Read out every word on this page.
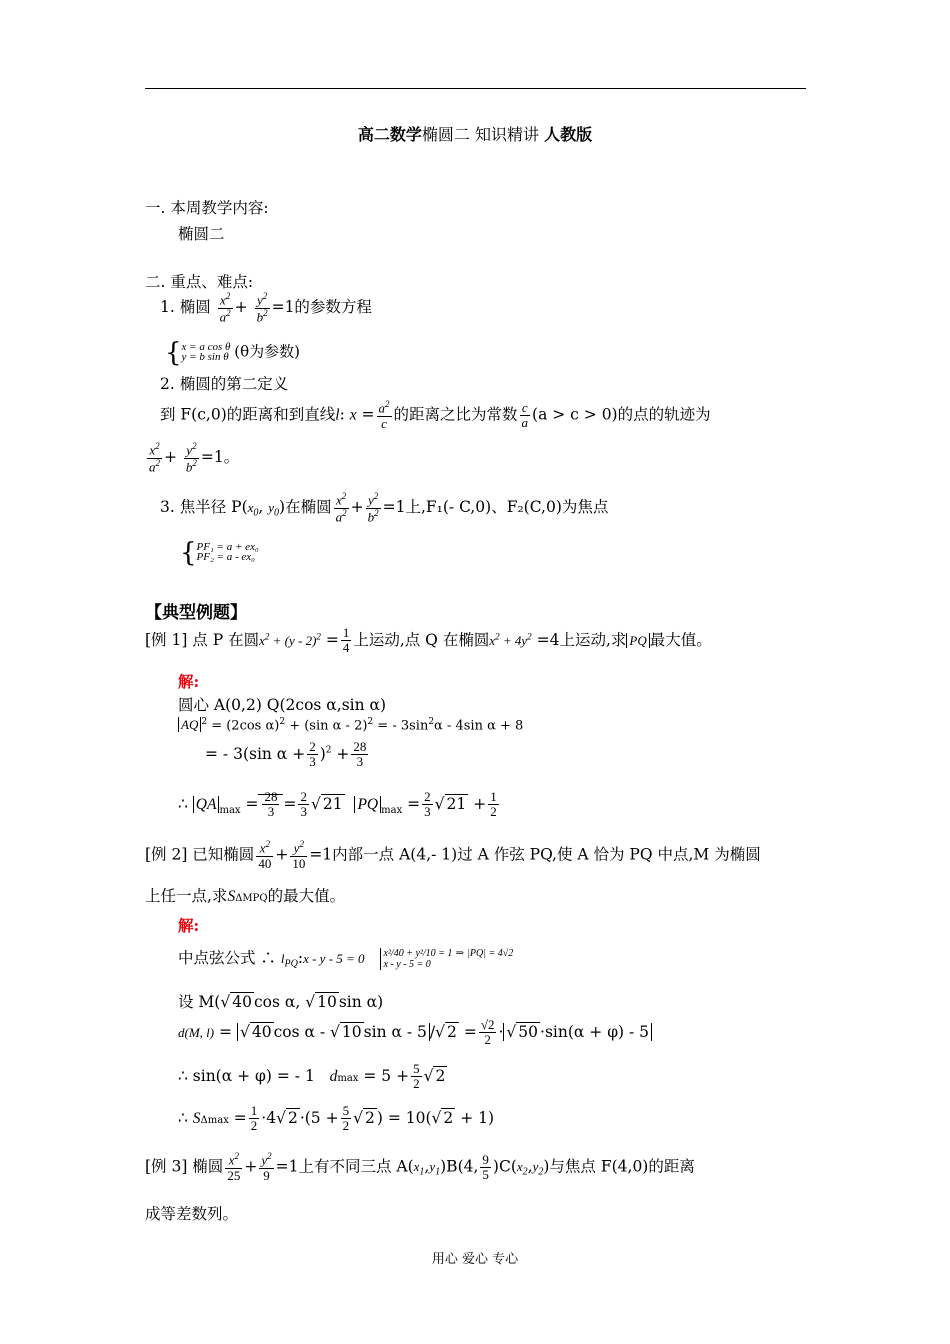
高二数学椭圆二 知识精讲 人教版
一. 本周教学内容:
椭圆二
二. 重点、难点:
1. 椭圆 $\frac{x^2}{a^2} + \frac{y^2}{b^2} =1$的参数方程
{x = a cos θ
y = b sin θ (θ为参数)
2. 椭圆的第二定义
到 F(c,0)的距离和到直线l: $x = \frac{a^2}{c}$ 的距离之比为常数 $\frac{c}{a} (a > c > 0)$的点的轨迹为
$\frac{x^2}{a^2} + \frac{y^2}{b^2} =1$。
3. 焦半径 $P(x_0$, $y_0$)在椭圆 $\frac{x^2}{a^2} + \frac{y^2}{b^2} =1$上,F₁(- C,0)、F₂(C,0)为焦点
{PF₁ = a + ex₀
PF₂ = a - ex₀
【典型例题】
[例 1] 点 P 在圆$x^2 + (y - 2)^2 = \frac{1}{4}$ 上运动,点 Q 在椭圆$x^2 + 4y^2 =4$上运动,求 PQ 最大值。
解:
圆心 A(0,2) Q(2cos α,sin α)
AQ $^2$ = (2cos α)$^2$ + (sin α - 2)$^2$ = - $3\sin^2\alpha - 4\sin$ α + 8
= - 3(sin $\alpha + \frac{2}{3} )^2 + \frac{28}{3}$
∴ QA $_{max} = \frac{28}{3} = \frac{2}{3}$ √ 21 PQ $_{max} = \frac{2}{3}$ √ $21 + \frac{1}{2}$
[例 2] 已知椭圆 $\frac{x^2}{40} + \frac{y^2}{10} =1$内部一点 A(4,- 1)过 A 作弦 PQ,使 A 恰为 PQ 中点,M 为椭圆
上任一点,求SΔMPQ的最大值。
解:
中点弦公式 ∴ $l_{PQ}:x - y - 5 = 0$ x²/40 + y²/10 = 1 ⇒ |PQ| = 4√2
x - y - 5 = 0
设 M(√ 40 cos α, √ 10 sin α)
d(M, l) = √ 40 cos α - √ 10 sin α - 5 /√ $2 = \frac{√2}{2}$ · √ 50 ·sin(α + φ) - 5
∴ sin(α + φ) = - 1   $dmax = 5 + \frac{5}{2}$ √ 2
∴ $S\Delta\max = \frac{1}{2} \cdot 4√$ $2 \cdot(5 + \frac{5}{2}$ √ 2 ) = 10(√ 2 + 1)
[例 3] 椭圆 $\frac{x^2}{25} + \frac{y^2}{9} =1$上有不同三点 $A(x_1,y_1)B(4$, $\frac{9}{5} )C(x_2,y_2)$与焦点 F(4,0)的距离
成等差数列。
用心 爱心 专心
